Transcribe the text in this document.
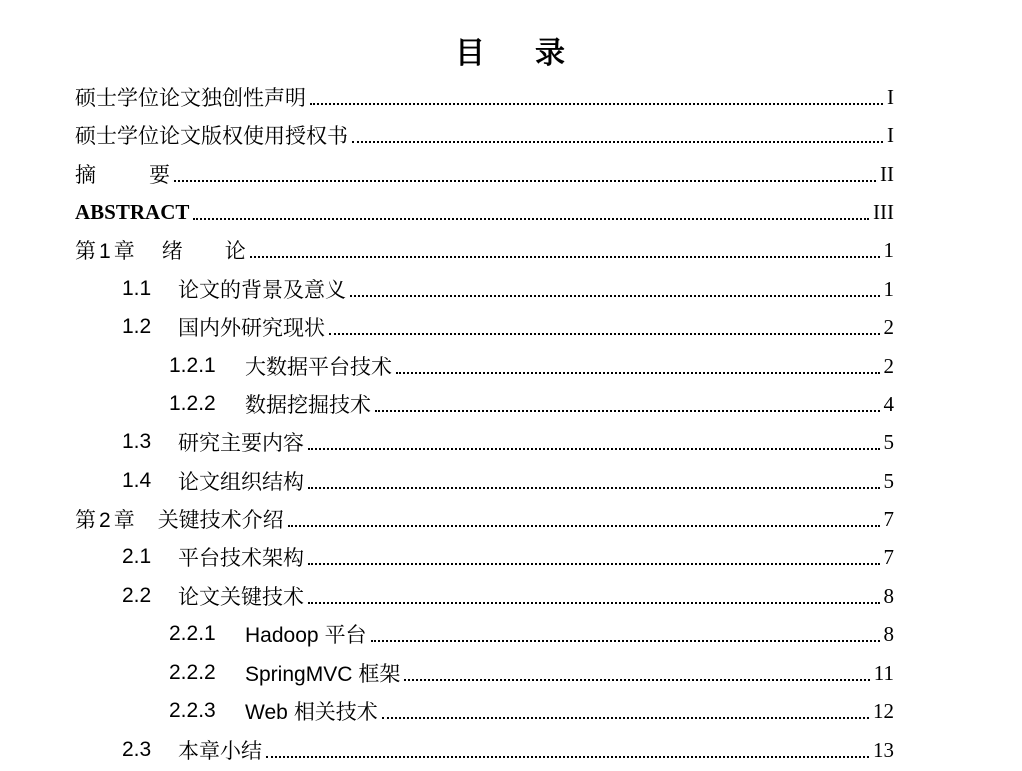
目 录
硕士学位论文独创性声明	I
硕士学位论文版权使用授权书	I
摘	要	II
ABSTRACT	III
第 1 章 绪 论	1
1.1	论文的背景及意义	1
1.2	国内外研究现状	2
1.2.1	大数据平台技术	2
1.2.2	数据挖掘技术	4
1.3	研究主要内容	5
1.4	论文组织结构	5
第 2 章 关键技术介绍	7
2.1	平台技术架构	7
2.2	论文关键技术	8
2.2.1	Hadoop 平台	8
2.2.2	SpringMVC 框架	11
2.2.3	Web 相关技术	12
2.3	本章小结	13
